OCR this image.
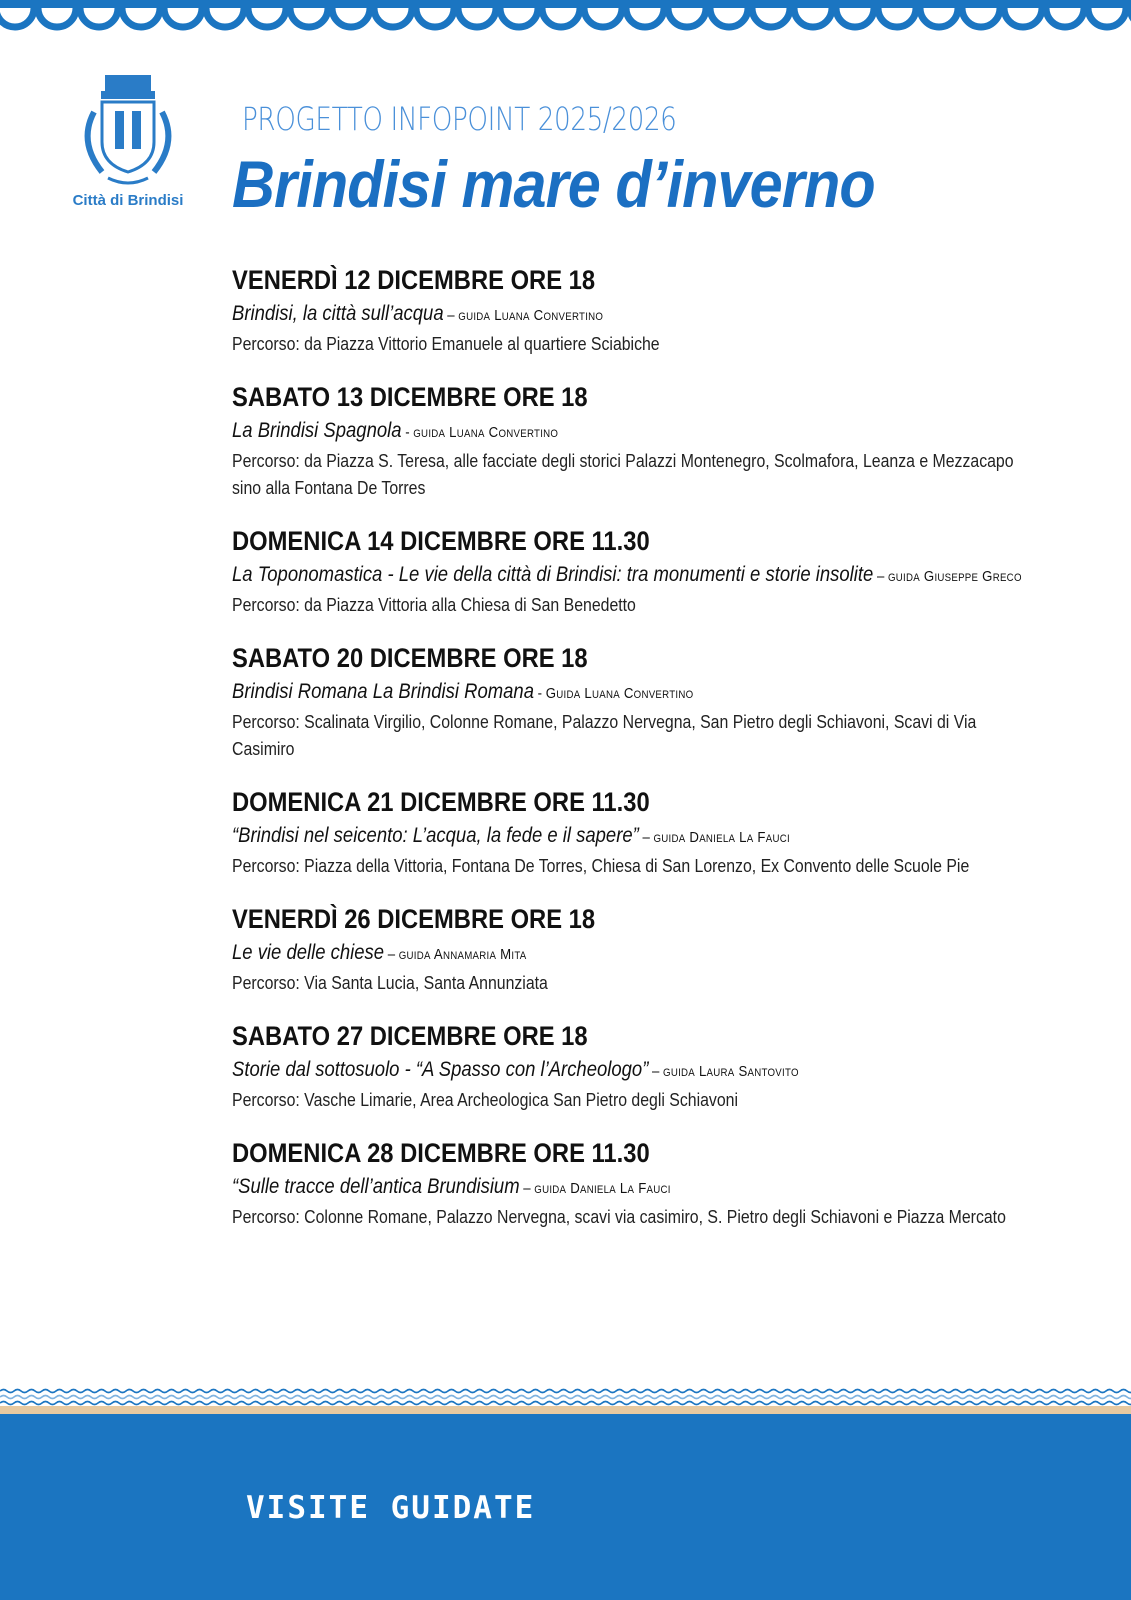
Città di Brindisi
PROGETTO INFOPOINT 2025/2026
Brindisi mare d’inverno
VENERDÌ 12 DICEMBRE ORE 18
Brindisi, la città sull’acqua – guida Luana Convertino
Percorso: da Piazza Vittorio Emanuele al quartiere Sciabiche
SABATO 13 DICEMBRE ORE 18
La Brindisi Spagnola - guida Luana Convertino
Percorso: da Piazza S. Teresa, alle facciate degli storici Palazzi Montenegro, Scolmafora, Leanza e Mezzacapo sino alla Fontana De Torres
DOMENICA 14 DICEMBRE ORE 11.30
La Toponomastica - Le vie della città di Brindisi: tra monumenti e storie insolite – guida Giuseppe Greco
Percorso: da Piazza Vittoria alla Chiesa di San Benedetto
SABATO 20 DICEMBRE ORE 18
Brindisi Romana La Brindisi Romana - Guida Luana Convertino
Percorso: Scalinata Virgilio, Colonne Romane, Palazzo Nervegna, San Pietro degli Schiavoni, Scavi di Via Casimiro
DOMENICA 21 DICEMBRE ORE 11.30
“Brindisi nel seicento: L’acqua, la fede e il sapere” – guida Daniela La Fauci
Percorso: Piazza della Vittoria, Fontana De Torres, Chiesa di San Lorenzo, Ex Convento delle Scuole Pie
VENERDÌ 26 DICEMBRE ORE 18
Le vie delle chiese – guida Annamaria Mita
Percorso: Via Santa Lucia, Santa Annunziata
SABATO 27 DICEMBRE ORE 18
Storie dal sottosuolo - “A Spasso con l’Archeologo” – guida Laura Santovito
Percorso: Vasche Limarie, Area Archeologica San Pietro degli Schiavoni
DOMENICA 28 DICEMBRE ORE 11.30
“Sulle tracce dell’antica Brundisium – guida Daniela La Fauci
Percorso: Colonne Romane, Palazzo Nervegna, scavi via casimiro, S. Pietro degli Schiavoni e Piazza Mercato
VISITE GUIDATE
